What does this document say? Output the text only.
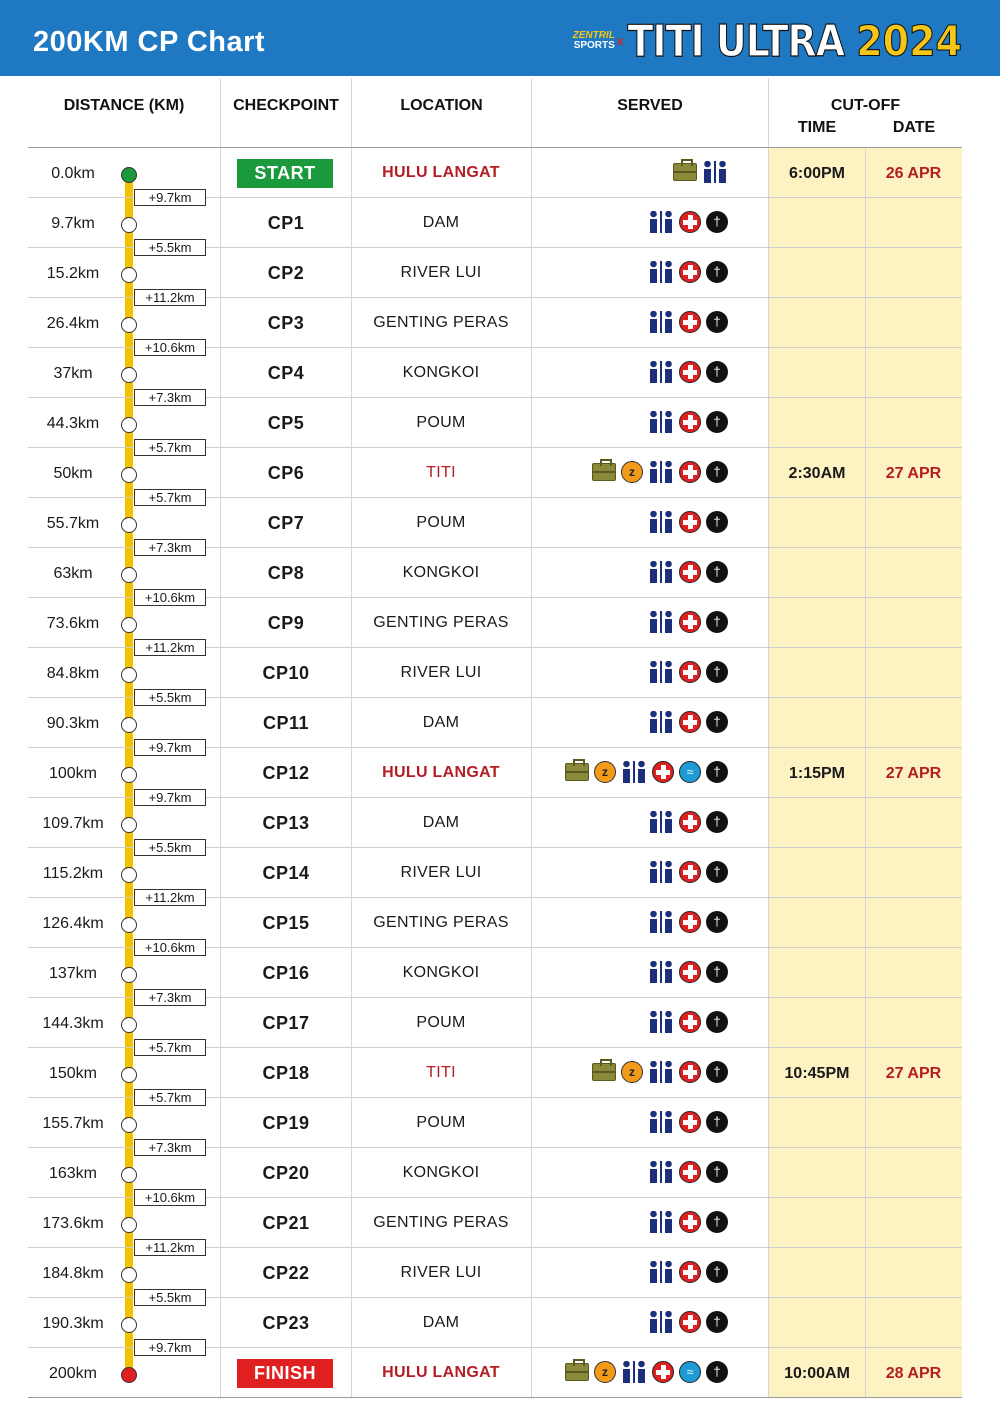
200KM CP Chart	ZENTRIL
SPORTS x TITI ULTRA 2024
DISTANCE (KM)	CHECKPOINT	LOCATION	SERVED	CUT-OFF
TIME	DATE
0.0km	START	HULU LANGAT	6:00PM	26 APR
9.7km	CP1	DAM	†
15.2km	CP2	RIVER LUI	†
26.4km	CP3	GENTING PERAS	†
37km	CP4	KONGKOI	†
44.3km	CP5	POUM	†
50km	CP6	TITI	z	†	2:30AM	27 APR
55.7km	CP7	POUM	†
63km	CP8	KONGKOI	†
73.6km	CP9	GENTING PERAS	†
84.8km	CP10	RIVER LUI	†
90.3km	CP11	DAM	†
100km	CP12	HULU LANGAT	z	≈	†	1:15PM	27 APR
109.7km	CP13	DAM	†
115.2km	CP14	RIVER LUI	†
126.4km	CP15	GENTING PERAS	†
137km	CP16	KONGKOI	†
144.3km	CP17	POUM	†
150km	CP18	TITI	z	†	10:45PM	27 APR
155.7km	CP19	POUM	†
163km	CP20	KONGKOI	†
173.6km	CP21	GENTING PERAS	†
184.8km	CP22	RIVER LUI	†
190.3km	CP23	DAM	†
200km	FINISH	HULU LANGAT	z	≈	†	10:00AM	28 APR
+9.7km
+5.5km
+11.2km
+10.6km
+7.3km
+5.7km
+5.7km
+7.3km
+10.6km
+11.2km
+5.5km
+9.7km
+9.7km
+5.5km
+11.2km
+10.6km
+7.3km
+5.7km
+5.7km
+7.3km
+10.6km
+11.2km
+5.5km
+9.7km
